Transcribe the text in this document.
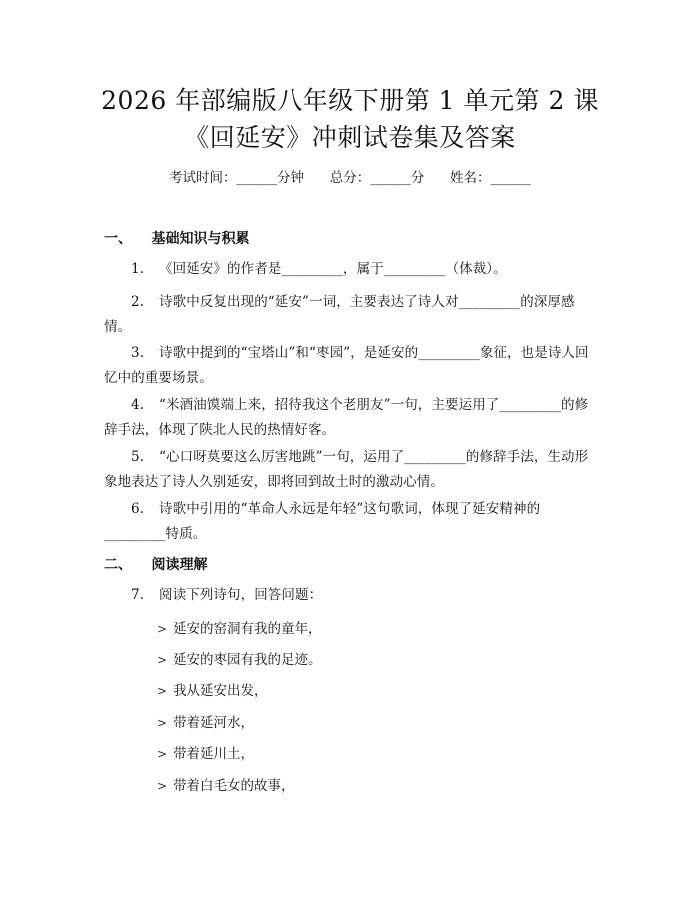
2026 年部编版八年级下册第 1 单元第 2 课
《回延安》冲刺试卷集及答案
考试时间：______分钟      总分：______分      姓名：______
一、    基础知识与积累
1. 《回延安》的作者是_________，属于_________（体裁）。
2. 诗歌中反复出现的“延安”一词，主要表达了诗人对_________的深厚感情。
3. 诗歌中提到的“宝塔山”和“枣园”，是延安的_________象征，也是诗人回忆中的重要场景。
4. “米酒油馍端上来，招待我这个老朋友”一句，主要运用了_________的修辞手法，体现了陕北人民的热情好客。
5. “心口呀莫要这么厉害地跳”一句，运用了_________的修辞手法，生动形象地表达了诗人久别延安，即将回到故土时的激动心情。
6. 诗歌中引用的“革命人永远是年轻”这句歌词，体现了延安精神的_________特质。
二、    阅读理解
7. 阅读下列诗句，回答问题：
> 延安的窑洞有我的童年，
> 延安的枣园有我的足迹。
> 我从延安出发，
> 带着延河水，
> 带着延川土，
> 带着白毛女的故事，
